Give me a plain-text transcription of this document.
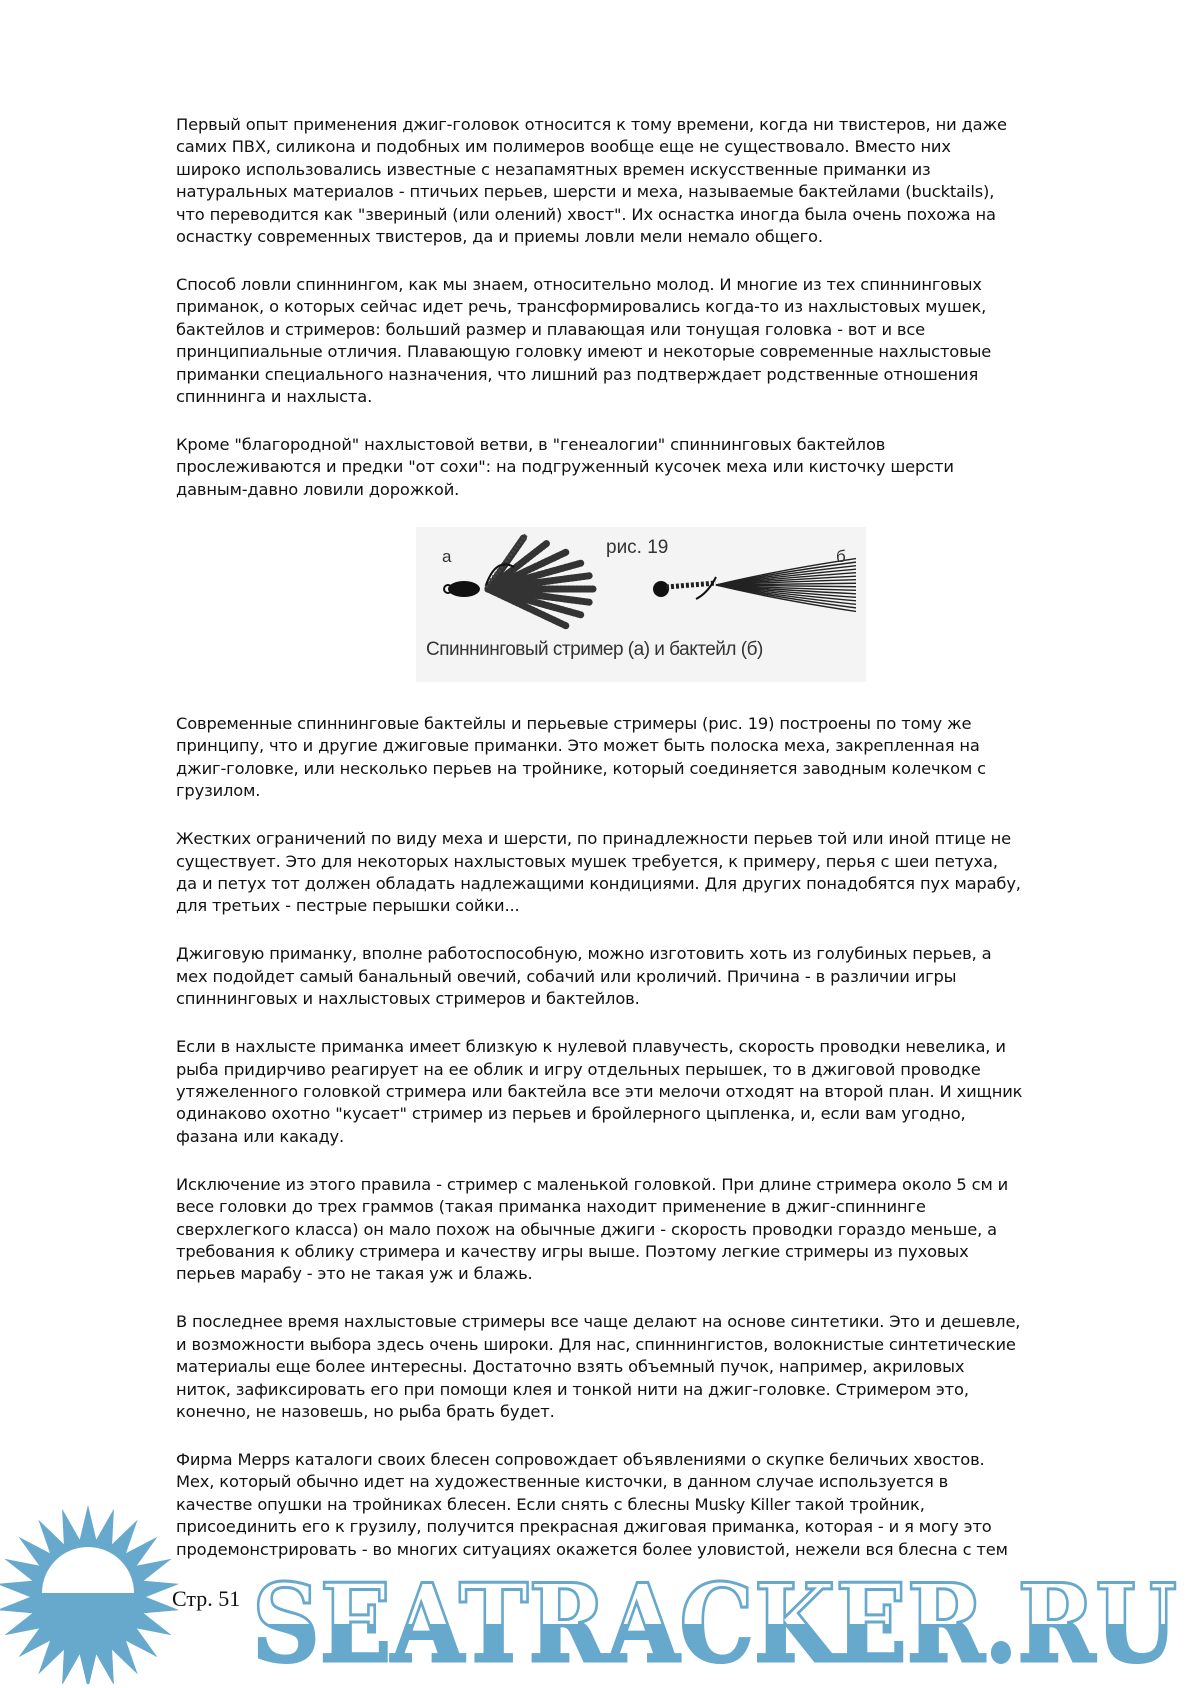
Первый опыт применения джиг-головок относится к тому времени, когда ни твистеров, ни даже
самих ПВХ, силикона и подобных им полимеров вообще еще не существовало. Вместо них
широко использовались известные с незапамятных времен искусственные приманки из
натуральных материалов - птичьих перьев, шерсти и меха, называемые бактейлами (bucktails),
что переводится как "звериный (или олений) хвост". Их оснастка иногда была очень похожа на
оснастку современных твистеров, да и приемы ловли мели немало общего.
Способ ловли спиннингом, как мы знаем, относительно молод. И многие из тех спиннинговых
приманок, о которых сейчас идет речь, трансформировались когда-то из нахлыстовых мушек,
бактейлов и стримеров: больший размер и плавающая или тонущая головка - вот и все
принципиальные отличия. Плавающую головку имеют и некоторые современные нахлыстовые
приманки специального назначения, что лишний раз подтверждает родственные отношения
спиннинга и нахлыста.
Кроме "благородной" нахлыстовой ветви, в "генеалогии" спиннинговых бактейлов
прослеживаются и предки "от сохи": на подгруженный кусочек меха или кисточку шерсти
давным-давно ловили дорожкой.
а	рис. 19	б
Спиннинговый стример (а) и бактейл (б)
Современные спиннинговые бактейлы и перьевые стримеры (рис. 19) построены по тому же
принципу, что и другие джиговые приманки. Это может быть полоска меха, закрепленная на
джиг-головке, или несколько перьев на тройнике, который соединяется заводным колечком с
грузилом.
Жестких ограничений по виду меха и шерсти, по принадлежности перьев той или иной птице не
существует. Это для некоторых нахлыстовых мушек требуется, к примеру, перья с шеи петуха,
да и петух тот должен обладать надлежащими кондициями. Для других понадобятся пух марабу,
для третьих - пестрые перышки сойки...
Джиговую приманку, вполне работоспособную, можно изготовить хоть из голубиных перьев, а
мех подойдет самый банальный овечий, собачий или кроличий. Причина - в различии игры
спиннинговых и нахлыстовых стримеров и бактейлов.
Если в нахлысте приманка имеет близкую к нулевой плавучесть, скорость проводки невелика, и
рыба придирчиво реагирует на ее облик и игру отдельных перышек, то в джиговой проводке
утяжеленного головкой стримера или бактейла все эти мелочи отходят на второй план. И хищник
одинаково охотно "кусает" стример из перьев и бройлерного цыпленка, и, если вам угодно,
фазана или какаду.
Исключение из этого правила - стример с маленькой головкой. При длине стримера около 5 см и
весе головки до трех граммов (такая приманка находит применение в джиг-спиннинге
сверхлегкого класса) он мало похож на обычные джиги - скорость проводки гораздо меньше, а
требования к облику стримера и качеству игры выше. Поэтому легкие стримеры из пуховых
перьев марабу - это не такая уж и блажь.
В последнее время нахлыстовые стримеры все чаще делают на основе синтетики. Это и дешевле,
и возможности выбора здесь очень широки. Для нас, спиннингистов, волокнистые синтетические
материалы еще более интересны. Достаточно взять объемный пучок, например, акриловых
ниток, зафиксировать его при помощи клея и тонкой нити на джиг-головке. Стримером это,
конечно, не назовешь, но рыба брать будет.
Фирма Mepps каталоги своих блесен сопровождает объявлениями о скупке беличьих хвостов.
Мех, который обычно идет на художественные кисточки, в данном случае используется в
качестве опушки на тройниках блесен. Если снять с блесны Musky Killer такой тройник,
присоединить его к грузилу, получится прекрасная джиговая приманка, которая - и я могу это
продемонстрировать - во многих ситуациях окажется более уловистой, нежели вся блесна с тем
SEATRACKER.RU
Стр. 51
